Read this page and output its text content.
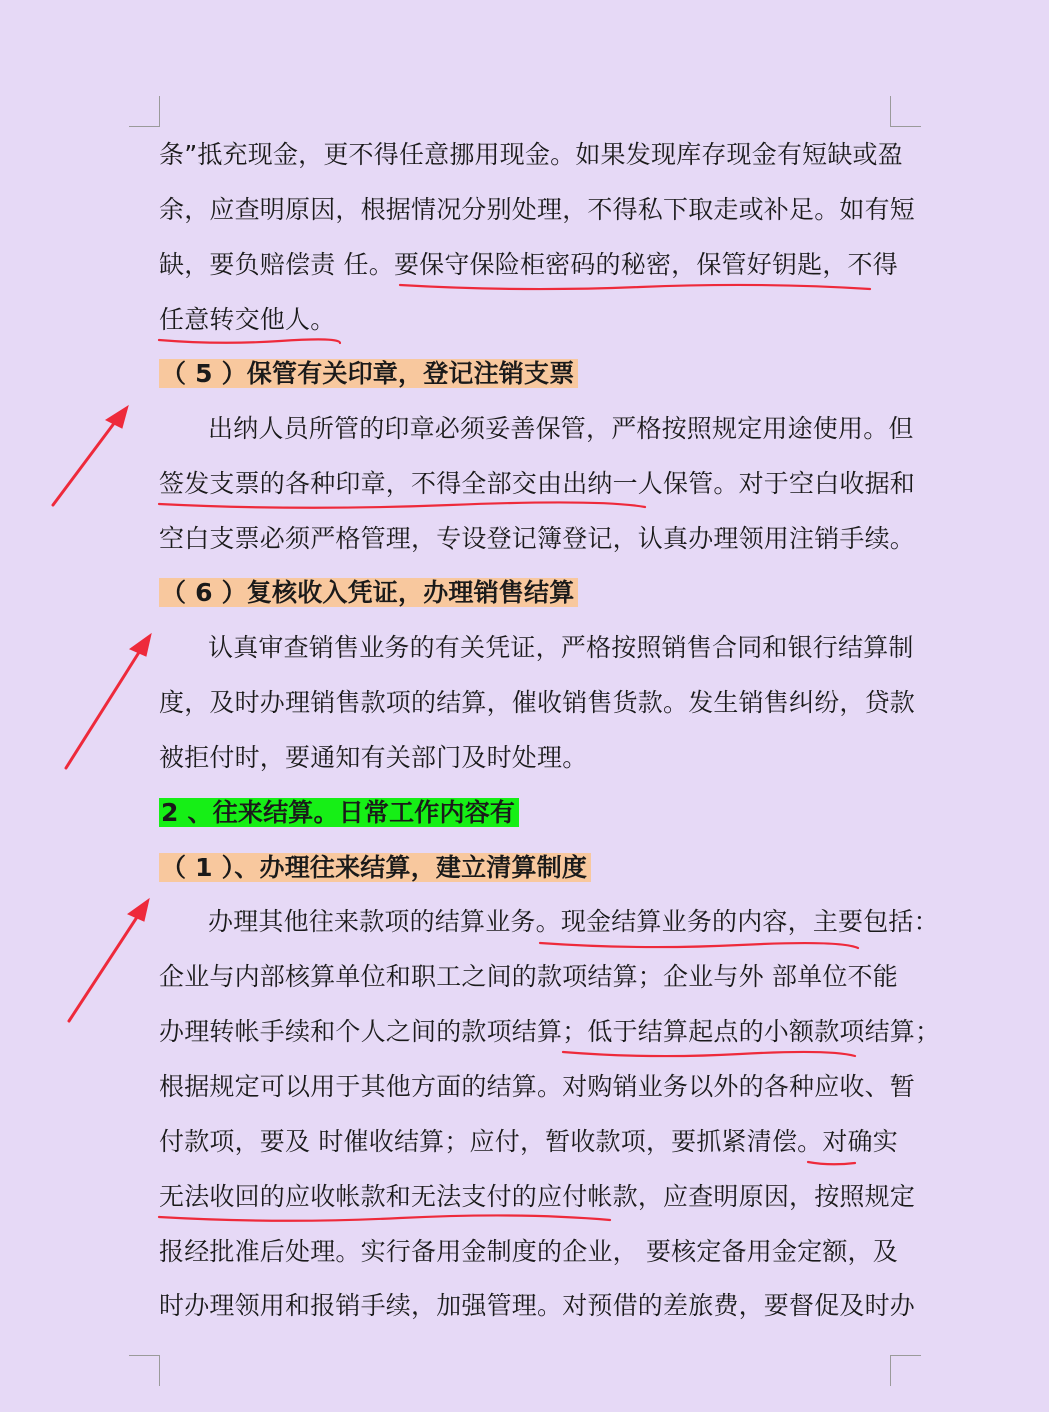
条”抵充现金，更不得任意挪用现金。如果发现库存现金有短缺或盈
余，应查明原因，根据情况分别处理，不得私下取走或补足。如有短
缺，要负赔偿责 任。要保守保险柜密码的秘密，保管好钥匙，不得
任意转交他人。
（ 5 ）保管有关印章，登记注销支票
出纳人员所管的印章必须妥善保管，严格按照规定用途使用。但
签发支票的各种印章，不得全部交由出纳一人保管。对于空白收据和
空白支票必须严格管理，专设登记簿登记，认真办理领用注销手续。
（ 6 ）复核收入凭证，办理销售结算
认真审查销售业务的有关凭证，严格按照销售合同和银行结算制
度，及时办理销售款项的结算，催收销售货款。发生销售纠纷，贷款
被拒付时，要通知有关部门及时处理。
2 、往来结算。日常工作内容有
（ 1 ）、办理往来结算，建立清算制度
办理其他往来款项的结算业务。现金结算业务的内容，主要包括：
企业与内部核算单位和职工之间的款项结算；企业与外 部单位不能
办理转帐手续和个人之间的款项结算；低于结算起点的小额款项结算；
根据规定可以用于其他方面的结算。对购销业务以外的各种应收、暂
付款项，要及 时催收结算；应付，暂收款项，要抓紧清偿。对确实
无法收回的应收帐款和无法支付的应付帐款，应查明原因，按照规定
报经批准后处理。实行备用金制度的企业， 要核定备用金定额，及
时办理领用和报销手续，加强管理。对预借的差旅费，要督促及时办
